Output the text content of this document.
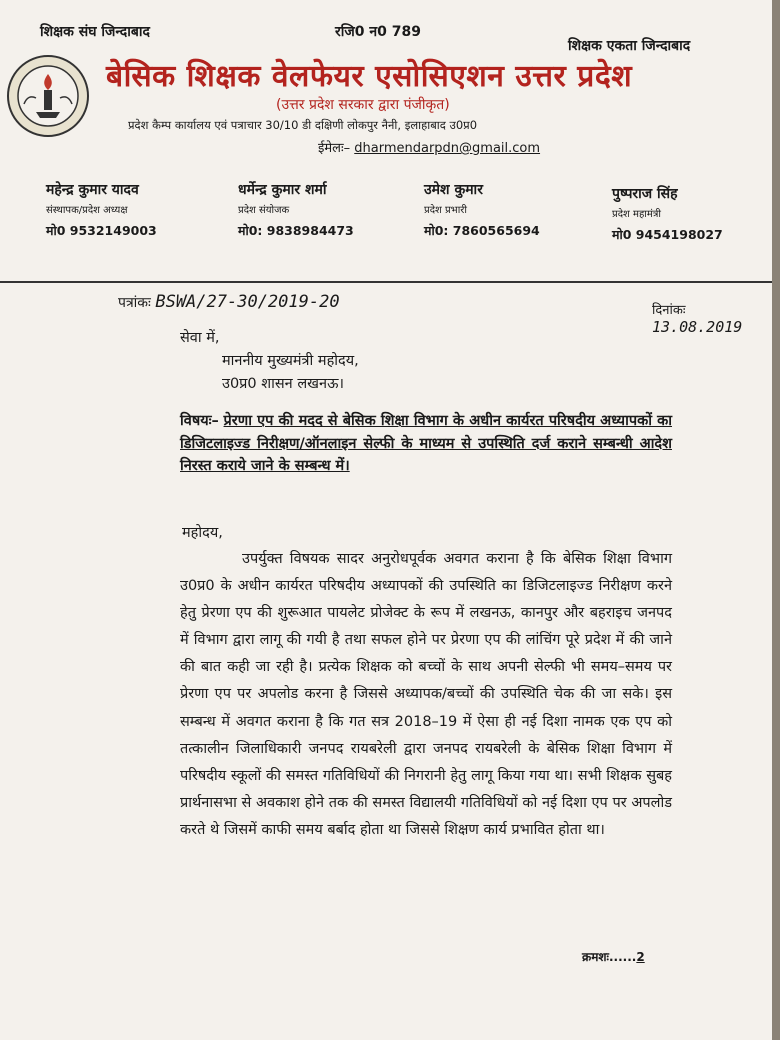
शिक्षक संघ जिन्दाबाद	रजि0 न0 789
शिक्षक एकता जिन्दाबाद
बेसिक शिक्षक वेलफेयर एसोसिएशन उत्तर प्रदेश
(उत्तर प्रदेश सरकार द्वारा पंजीकृत)
प्रदेश कैम्प कार्यालय एवं पत्राचार 30/10 डी दक्षिणी लोकपुर नैनी, इलाहाबाद उ0प्र0
ईमेलः– dharmendarpdn@gmail.com
महेन्द्र कुमार यादव
संस्थापक/प्रदेश अध्यक्ष
मो0 9532149003
धर्मेन्द्र कुमार शर्मा
प्रदेश संयोजक
मो0: 9838984473
उमेश कुमार
प्रदेश प्रभारी
मो0: 7860565694
पुष्पराज सिंह
प्रदेश महामंत्री
मो0 9454198027
पत्रांकः BSWA/27-30/2019-20	दिनांकः 13.08.2019
सेवा में,
माननीय मुख्यमंत्री महोदय,
उ0प्र0 शासन लखनऊ।
विषयः– प्रेरणा एप की मदद से बेसिक शिक्षा विभाग के अधीन कार्यरत परिषदीय अध्यापकों का डिजिटलाइज्ड निरीक्षण/ऑनलाइन सेल्फी के माध्यम से उपस्थिति दर्ज कराने सम्बन्धी आदेश निरस्त कराये जाने के सम्बन्ध में।
महोदय,
उपर्युक्त विषयक सादर अनुरोधपूर्वक अवगत कराना है कि बेसिक शिक्षा विभाग उ0प्र0 के अधीन कार्यरत परिषदीय अध्यापकों की उपस्थिति का डिजिटलाइज्ड निरीक्षण करने हेतु प्रेरणा एप की शुरूआत पायलेट प्रोजेक्ट के रूप में लखनऊ, कानपुर और बहराइच जनपद में विभाग द्वारा लागू की गयी है तथा सफल होने पर प्रेरणा एप की लांचिंग पूरे प्रदेश में की जाने की बात कही जा रही है। प्रत्येक शिक्षक को बच्चों के साथ अपनी सेल्फी भी समय–समय पर प्रेरणा एप पर अपलोड करना है जिससे अध्यापक/बच्चों की उपस्थिति चेक की जा सके। इस सम्बन्ध में अवगत कराना है कि गत सत्र 2018–19 में ऐसा ही नई दिशा नामक एक एप को तत्कालीन जिलाधिकारी जनपद रायबरेली द्वारा जनपद रायबरेली के बेसिक शिक्षा विभाग में परिषदीय स्कूलों की समस्त गतिविधियों की निगरानी हेतु लागू किया गया था। सभी शिक्षक सुबह प्रार्थनासभा से अवकाश होने तक की समस्त विद्यालयी गतिविधियों को नई दिशा एप पर अपलोड करते थे जिसमें काफी समय बर्बाद होता था जिससे शिक्षण कार्य प्रभावित होता था।
क्रमशः......2
